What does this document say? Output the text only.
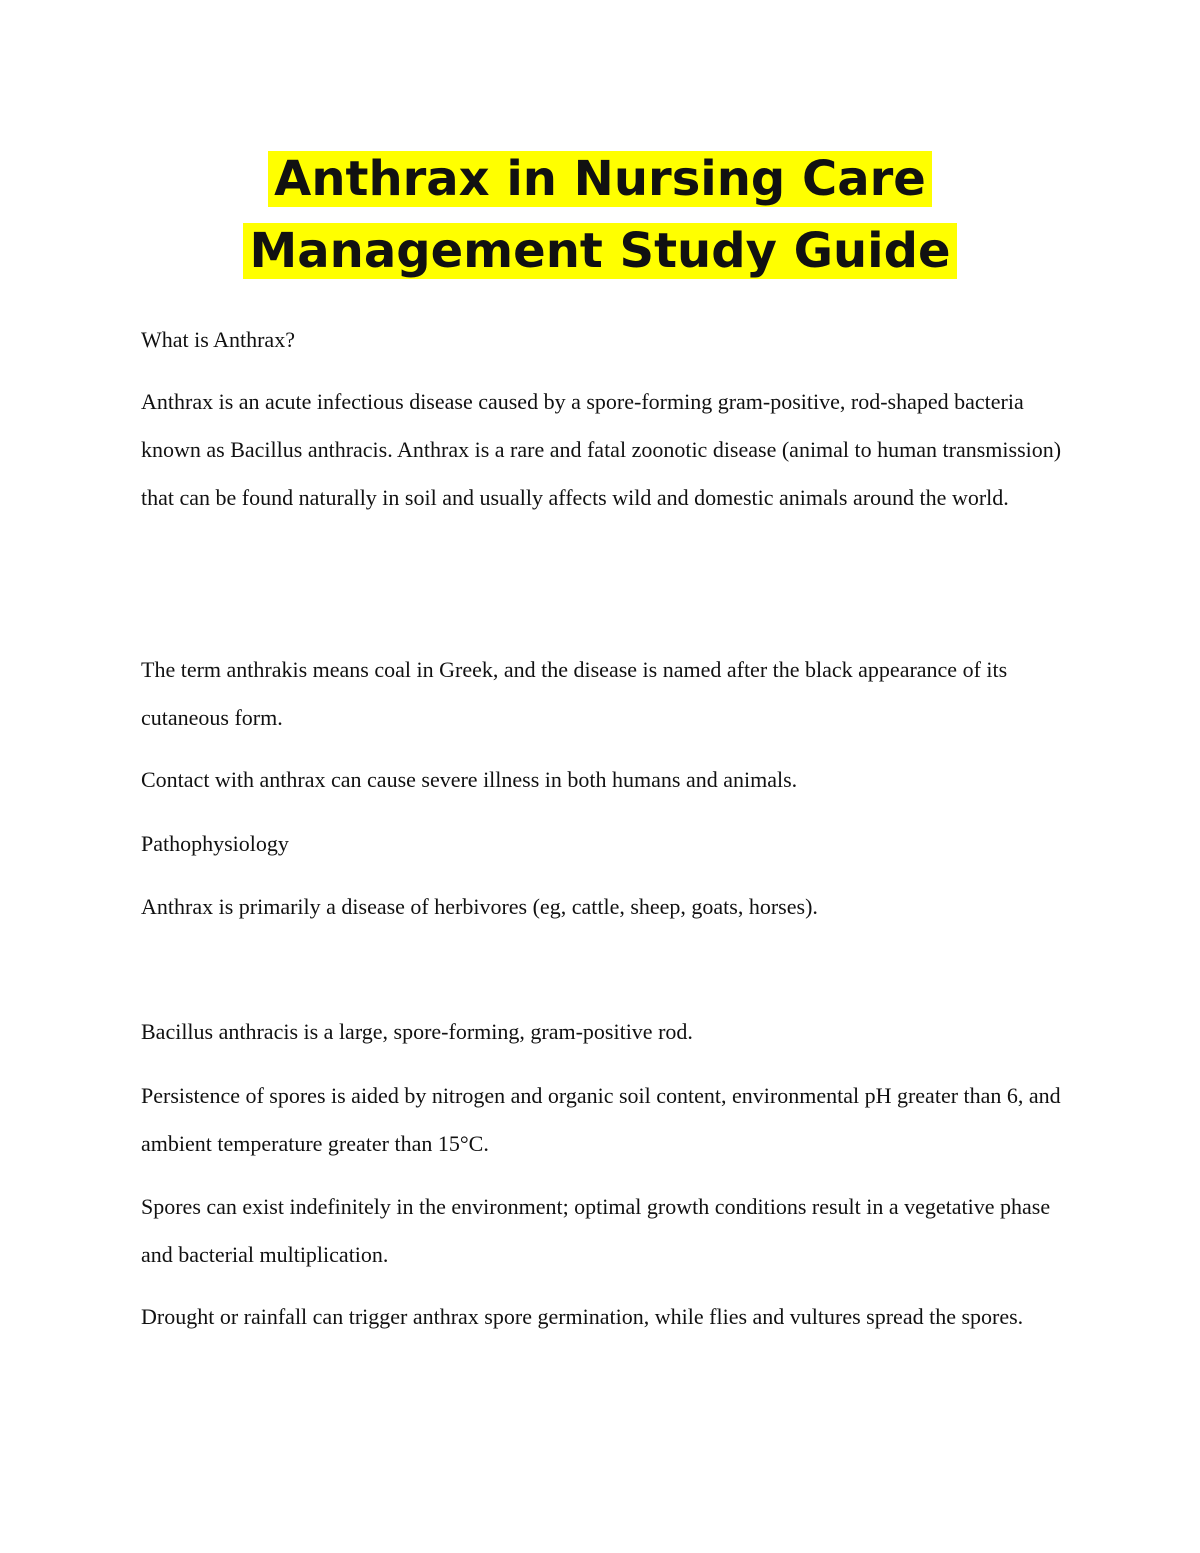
Anthrax in Nursing Care
Management Study Guide

What is Anthrax?

Anthrax is an acute infectious disease caused by a spore-forming gram-positive, rod-shaped bacteria known as Bacillus anthracis. Anthrax is a rare and fatal zoonotic disease (animal to human transmission) that can be found naturally in soil and usually affects wild and domestic animals around the world.

The term anthrakis means coal in Greek, and the disease is named after the black appearance of its cutaneous form.

Contact with anthrax can cause severe illness in both humans and animals.

Pathophysiology

Anthrax is primarily a disease of herbivores (eg, cattle, sheep, goats, horses).

Bacillus anthracis is a large, spore-forming, gram-positive rod.

Persistence of spores is aided by nitrogen and organic soil content, environmental pH greater than 6, and ambient temperature greater than 15°C.

Spores can exist indefinitely in the environment; optimal growth conditions result in a vegetative phase and bacterial multiplication.

Drought or rainfall can trigger anthrax spore germination, while flies and vultures spread the spores.
